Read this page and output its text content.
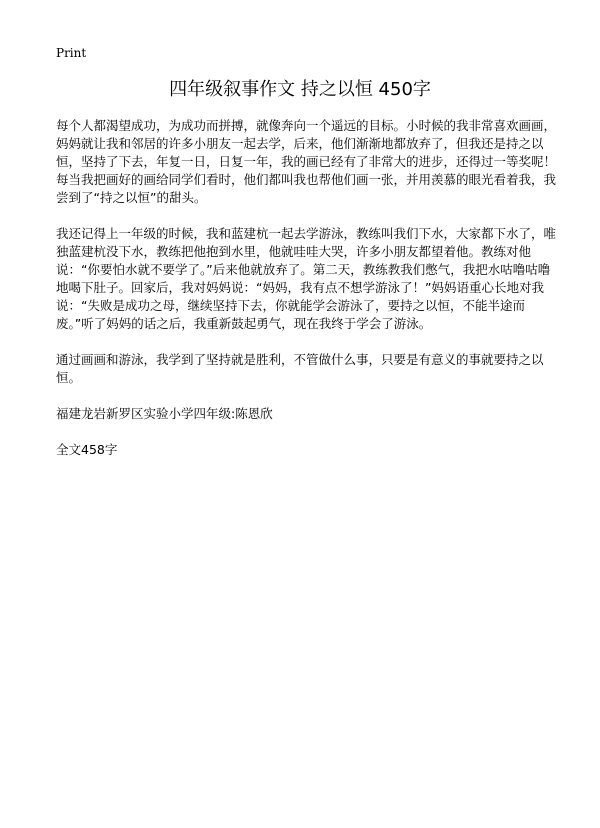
Print
四年级叙事作文 持之以恒 450字

每个人都渴望成功，为成功而拼搏，就像奔向一个遥远的目标。小时候的我非常喜欢画画，妈妈就让我和邻居的许多小朋友一起去学，后来，他们渐渐地都放弃了，但我还是持之以恒，坚持了下去，年复一日，日复一年，我的画已经有了非常大的进步，还得过一等奖呢！每当我把画好的画给同学们看时，他们都叫我也帮他们画一张，并用羡慕的眼光看着我，我尝到了“持之以恒”的甜头。

我还记得上一年级的时候，我和蓝建杭一起去学游泳，教练叫我们下水，大家都下水了，唯独蓝建杭没下水，教练把他抱到水里，他就哇哇大哭，许多小朋友都望着他。教练对他说：“你要怕水就不要学了。”后来他就放弃了。第二天，教练教我们憋气，我把水咕噜咕噜地喝下肚子。回家后，我对妈妈说：“妈妈，我有点不想学游泳了！”妈妈语重心长地对我说：“失败是成功之母，继续坚持下去，你就能学会游泳了，要持之以恒，不能半途而废。”听了妈妈的话之后，我重新鼓起勇气，现在我终于学会了游泳。

通过画画和游泳，我学到了坚持就是胜利，不管做什么事，只要是有意义的事就要持之以恒。

福建龙岩新罗区实验小学四年级:陈恩欣
全文458字
